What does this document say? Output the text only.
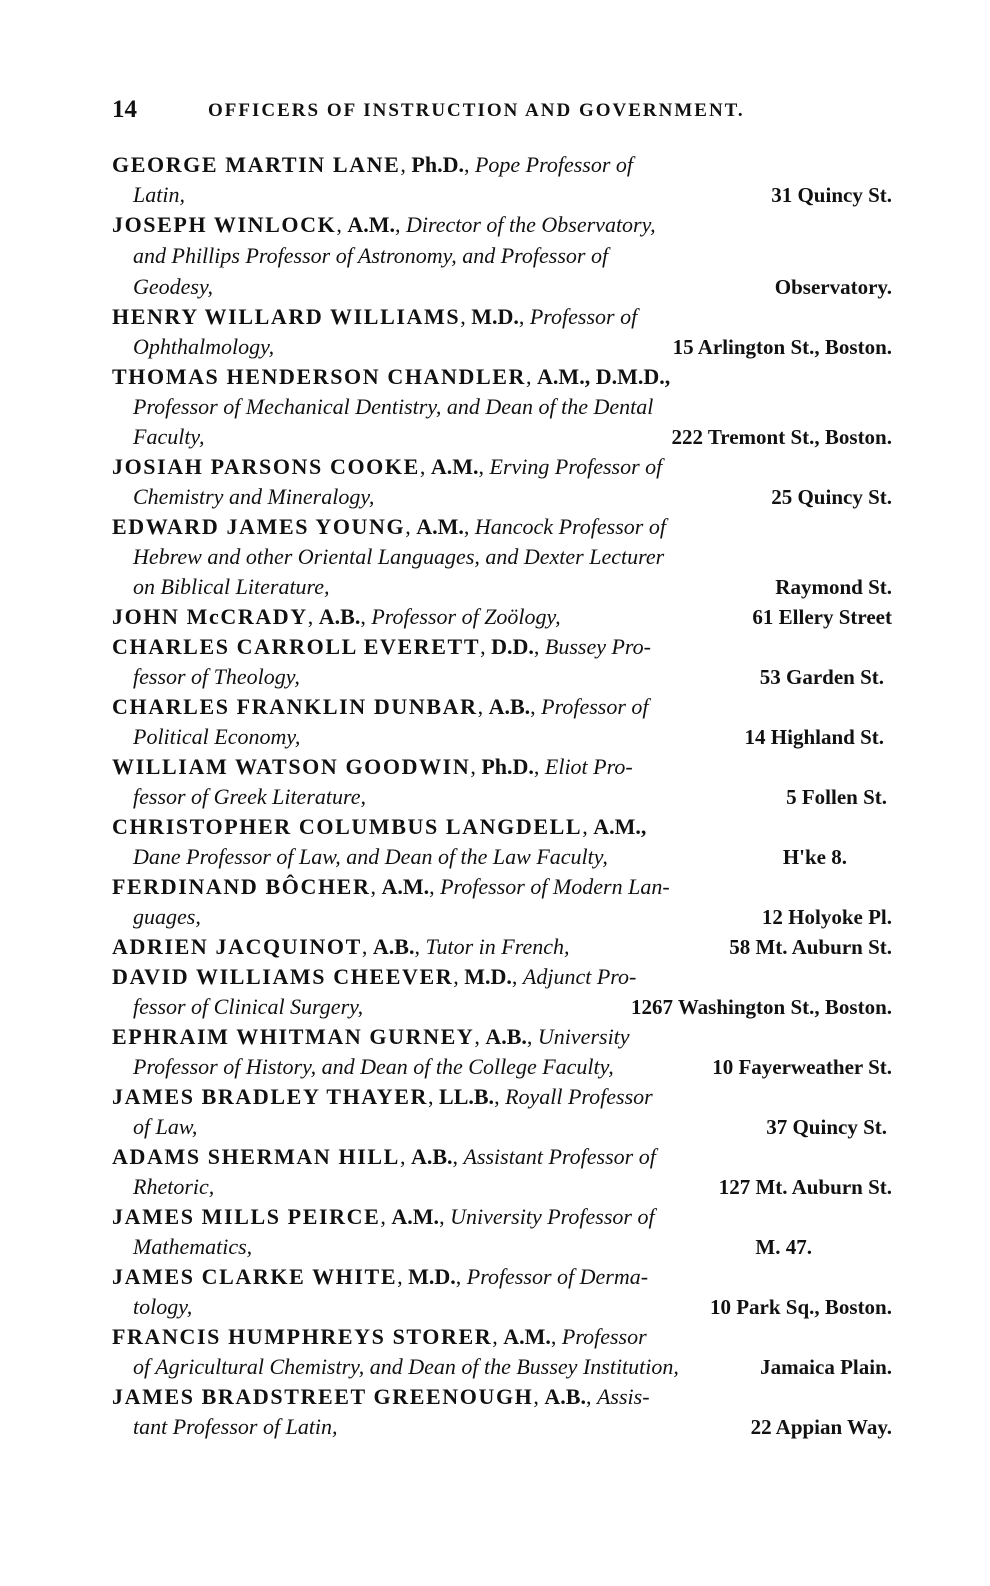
14	OFFICERS OF INSTRUCTION AND GOVERNMENT.
GEORGE MARTIN LANE, Ph.D., Pope Professor of
Latin,	31 Quincy St.
JOSEPH WINLOCK, A.M., Director of the Observatory,
and Phillips Professor of Astronomy, and Professor of
Geodesy,	Observatory.
HENRY WILLARD WILLIAMS, M.D., Professor of
Ophthalmology,	15 Arlington St., Boston.
THOMAS HENDERSON CHANDLER, A.M., D.M.D.,
Professor of Mechanical Dentistry, and Dean of the Dental
Faculty,	222 Tremont St., Boston.
JOSIAH PARSONS COOKE, A.M., Erving Professor of
Chemistry and Mineralogy,	25 Quincy St.
EDWARD JAMES YOUNG, A.M., Hancock Professor of
Hebrew and other Oriental Languages, and Dexter Lecturer
on Biblical Literature,	Raymond St.
JOHN McCRADY, A.B., Professor of Zoölogy,	61 Ellery Street
CHARLES CARROLL EVERETT, D.D., Bussey Pro-
fessor of Theology,	53 Garden St.
CHARLES FRANKLIN DUNBAR, A.B., Professor of
Political Economy,	14 Highland St.
WILLIAM WATSON GOODWIN, Ph.D., Eliot Pro-
fessor of Greek Literature,	5 Follen St.
CHRISTOPHER COLUMBUS LANGDELL, A.M.,
Dane Professor of Law, and Dean of the Law Faculty,	H'ke 8.
FERDINAND BÔCHER, A.M., Professor of Modern Lan-
guages,	12 Holyoke Pl.
ADRIEN JACQUINOT, A.B., Tutor in French,	58 Mt. Auburn St.
DAVID WILLIAMS CHEEVER, M.D., Adjunct Pro-
fessor of Clinical Surgery,	1267 Washington St., Boston.
EPHRAIM WHITMAN GURNEY, A.B., University
Professor of History, and Dean of the College Faculty,	10 Fayerweather St.
JAMES BRADLEY THAYER, LL.B., Royall Professor
of Law,	37 Quincy St.
ADAMS SHERMAN HILL, A.B., Assistant Professor of
Rhetoric,	127 Mt. Auburn St.
JAMES MILLS PEIRCE, A.M., University Professor of
Mathematics,	M. 47.
JAMES CLARKE WHITE, M.D., Professor of Derma-
tology,	10 Park Sq., Boston.
FRANCIS HUMPHREYS STORER, A.M., Professor
of Agricultural Chemistry, and Dean of the Bussey Institution,	Jamaica Plain.
JAMES BRADSTREET GREENOUGH, A.B., Assis-
tant Professor of Latin,	22 Appian Way.
